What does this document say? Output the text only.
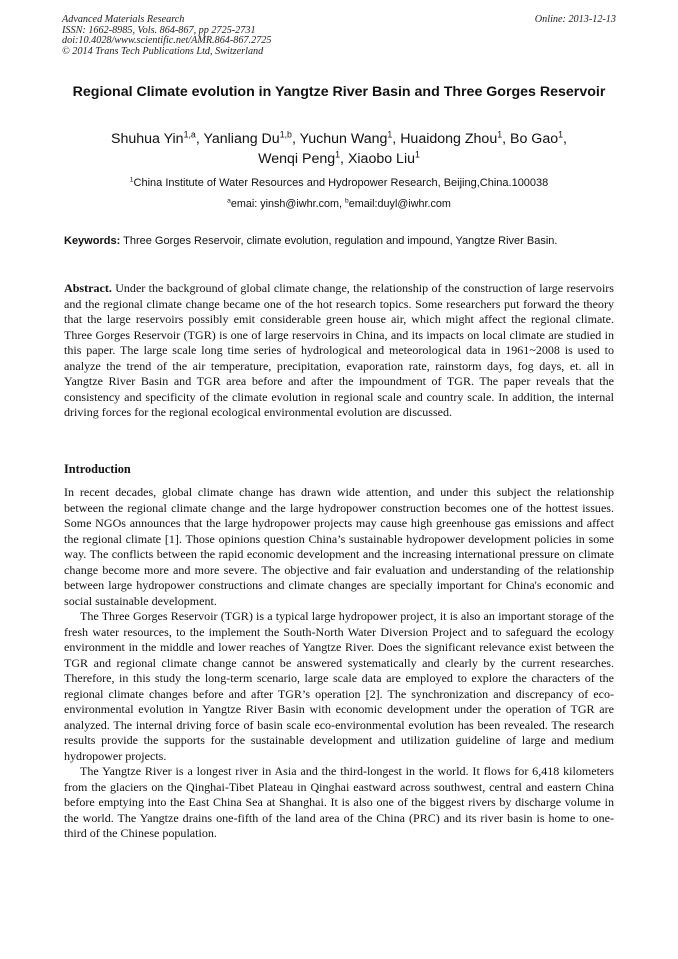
Advanced Materials Research
ISSN: 1662-8985, Vols. 864-867, pp 2725-2731
doi:10.4028/www.scientific.net/AMR.864-867.2725
© 2014 Trans Tech Publications Ltd, Switzerland
Online: 2013-12-13
Regional Climate evolution in Yangtze River Basin and Three Gorges Reservoir
Shuhua Yin$^{1,a}$, Yanliang Du$^{1,b}$, Yuchun Wang$^1$, Huaidong Zhou$^1$, Bo Gao$^1$,
Wenqi Peng$^1$, Xiaobo Liu$^1$
$^1$China Institute of Water Resources and Hydropower Research, Beijing,China.100038
$^a$emai: yinsh@iwhr.com, $^b$email:duyl@iwhr.com
Keywords: Three Gorges Reservoir, climate evolution, regulation and impound, Yangtze River Basin.
Abstract. Under the background of global climate change, the relationship of the construction of large reservoirs and the regional climate change became one of the hot research topics. Some researchers put forward the theory that the large reservoirs possibly emit considerable green house air, which might affect the regional climate. Three Gorges Reservoir (TGR) is one of large reservoirs in China, and its impacts on local climate are studied in this paper. The large scale long time series of hydrological and meteorological data in 1961~2008 is used to analyze the trend of the air temperature, precipitation, evaporation rate, rainstorm days, fog days, et. all in Yangtze River Basin and TGR area before and after the impoundment of TGR. The paper reveals that the consistency and specificity of the climate evolution in regional scale and country scale. In addition, the internal driving forces for the regional ecological environmental evolution are discussed.
Introduction

In recent decades, global climate change has drawn wide attention, and under this subject the relationship between the regional climate change and the large hydropower construction becomes one of the hottest issues. Some NGOs announces that the large hydropower projects may cause high greenhouse gas emissions and affect the regional climate [1]. Those opinions question China’s sustainable hydropower development policies in some way. The conflicts between the rapid economic development and the increasing international pressure on climate change become more and more severe. The objective and fair evaluation and understanding of the relationship between large hydropower constructions and climate changes are specially important for China's economic and social sustainable development.

The Three Gorges Reservoir (TGR) is a typical large hydropower project, it is also an important storage of the fresh water resources, to the implement the South-North Water Diversion Project and to safeguard the ecology environment in the middle and lower reaches of Yangtze River. Does the significant relevance exist between the TGR and regional climate change cannot be answered systematically and clearly by the current researches. Therefore, in this study the long-term scenario, large scale data are employed to explore the characters of the regional climate changes before and after TGR’s operation [2]. The synchronization and discrepancy of eco-environmental evolution in Yangtze River Basin with economic development under the operation of TGR are analyzed. The internal driving force of basin scale eco-environmental evolution has been revealed. The research results provide the supports for the sustainable development and utilization guideline of large and medium hydropower projects.

The Yangtze River is a longest river in Asia and the third-longest in the world. It flows for 6,418 kilometers from the glaciers on the Qinghai-Tibet Plateau in Qinghai eastward across southwest, central and eastern China before emptying into the East China Sea at Shanghai. It is also one of the biggest rivers by discharge volume in the world. The Yangtze drains one-fifth of the land area of the China (PRC) and its river basin is home to one-third of the Chinese population.
